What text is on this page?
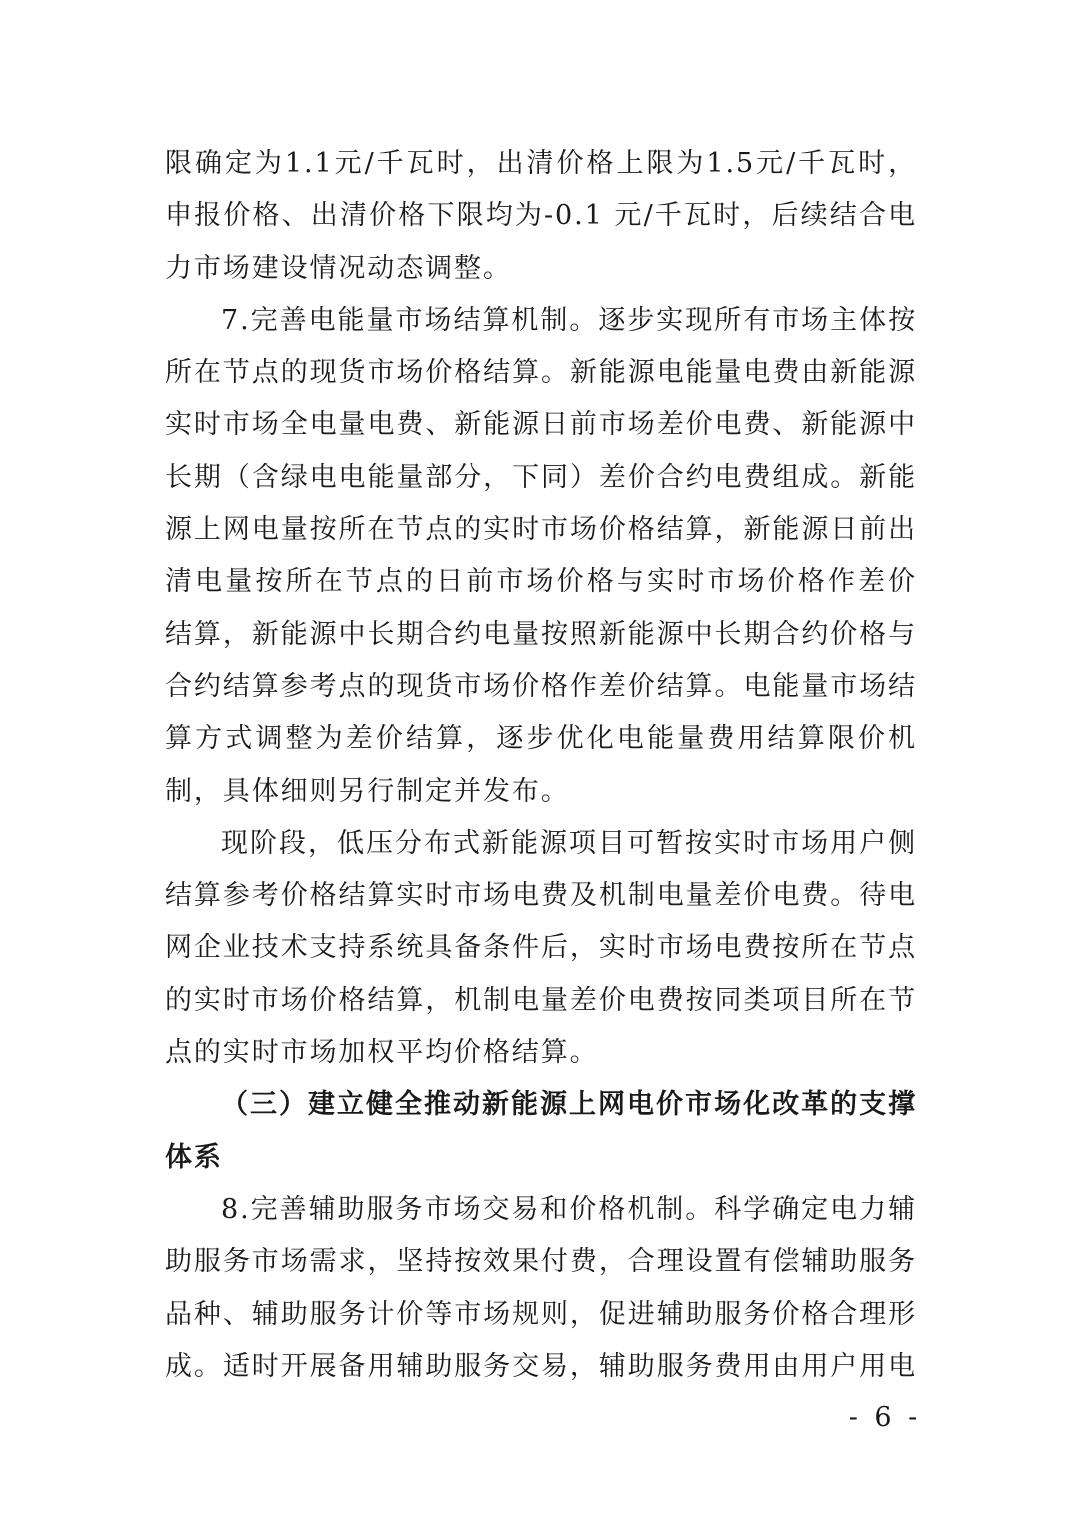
限确定为1.1元/千瓦时，出清价格上限为1.5元/千瓦时，
申报价格、出清价格下限均为-0.1 元/千瓦时，后续结合电
力市场建设情况动态调整。
7.完善电能量市场结算机制。逐步实现所有市场主体按
所在节点的现货市场价格结算。新能源电能量电费由新能源
实时市场全电量电费、新能源日前市场差价电费、新能源中
长期（含绿电电能量部分，下同）差价合约电费组成。新能
源上网电量按所在节点的实时市场价格结算，新能源日前出
清电量按所在节点的日前市场价格与实时市场价格作差价
结算，新能源中长期合约电量按照新能源中长期合约价格与
合约结算参考点的现货市场价格作差价结算。电能量市场结
算方式调整为差价结算，逐步优化电能量费用结算限价机
制，具体细则另行制定并发布。
现阶段，低压分布式新能源项目可暂按实时市场用户侧
结算参考价格结算实时市场电费及机制电量差价电费。待电
网企业技术支持系统具备条件后，实时市场电费按所在节点
的实时市场价格结算，机制电量差价电费按同类项目所在节
点的实时市场加权平均价格结算。
（三）建立健全推动新能源上网电价市场化改革的支撑
体系
8.完善辅助服务市场交易和价格机制。科学确定电力辅
助服务市场需求，坚持按效果付费，合理设置有偿辅助服务
品种、辅助服务计价等市场规则，促进辅助服务价格合理形
成。适时开展备用辅助服务交易，辅助服务费用由用户用电
- 6 -
